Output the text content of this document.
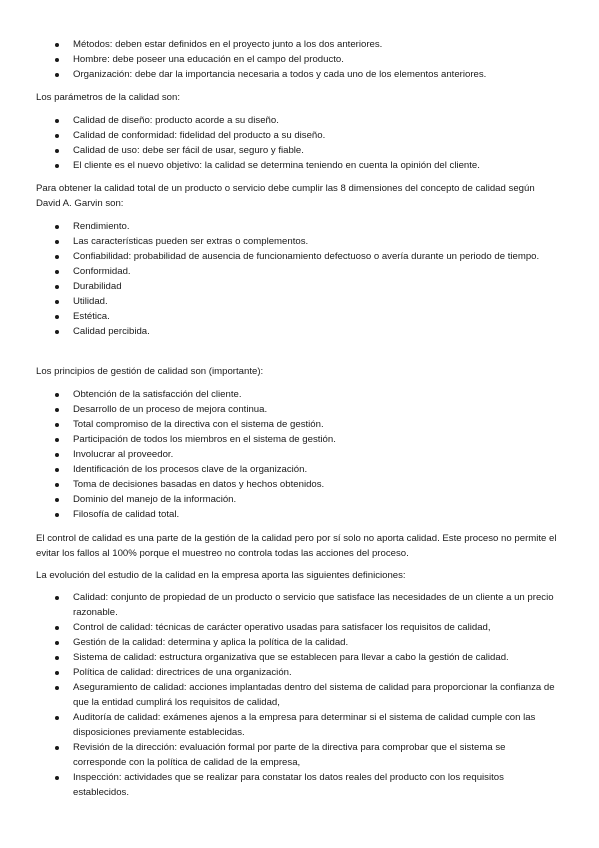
Métodos: deben estar definidos en el proyecto junto a los dos anteriores.
Hombre: debe poseer una educación en el campo del producto.
Organización: debe dar la importancia necesaria a todos y cada uno de los elementos anteriores.

Los parámetros de la calidad son:

Calidad de diseño: producto acorde a su diseño.
Calidad de conformidad: fidelidad del producto a su diseño.
Calidad de uso: debe ser fácil de usar, seguro y fiable.
El cliente es el nuevo objetivo: la calidad se determina teniendo en cuenta la opinión del cliente.

Para obtener la calidad total de un producto o servicio debe cumplir las 8 dimensiones del concepto de calidad según David A. Garvin son:

Rendimiento.
Las características pueden ser extras o complementos.
Confiabilidad: probabilidad de ausencia de funcionamiento defectuoso o avería durante un periodo de tiempo.
Conformidad.
Durabilidad
Utilidad.
Estética.
Calidad percibida.

Los principios de gestión de calidad son (importante):

Obtención de la satisfacción del cliente.
Desarrollo de un proceso de mejora continua.
Total compromiso de la directiva con el sistema de gestión.
Participación de todos los miembros en el sistema de gestión.
Involucrar al proveedor.
Identificación de los procesos clave de la organización.
Toma de decisiones basadas en datos y hechos obtenidos.
Dominio del manejo de la información.
Filosofía de calidad total.

El control de calidad es una parte de la gestión de la calidad pero por sí solo no aporta calidad. Este proceso no permite el evitar los fallos al 100% porque el muestreo no controla todas las acciones del proceso.

La evolución del estudio de la calidad en la empresa aporta las siguientes definiciones:

Calidad: conjunto de propiedad de un producto o servicio que satisface las necesidades de un cliente a un precio razonable.
Control de calidad: técnicas de carácter operativo usadas para satisfacer los requisitos de calidad,
Gestión de la calidad: determina y aplica la política de la calidad.
Sistema de calidad: estructura organizativa que se establecen para llevar a cabo la gestión de calidad.
Política de calidad: directrices de una organización.
Aseguramiento de calidad: acciones implantadas dentro del sistema de calidad para proporcionar la confianza de que la entidad cumplirá los requisitos de calidad,
Auditoría de calidad: exámenes ajenos a la empresa para determinar si el sistema de calidad cumple con las disposiciones previamente establecidas.
Revisión de la dirección: evaluación formal por parte de la directiva para comprobar que el sistema se corresponde con la política de calidad de la empresa,
Inspección: actividades que se realizar para constatar los datos reales del producto con los requisitos establecidos.
